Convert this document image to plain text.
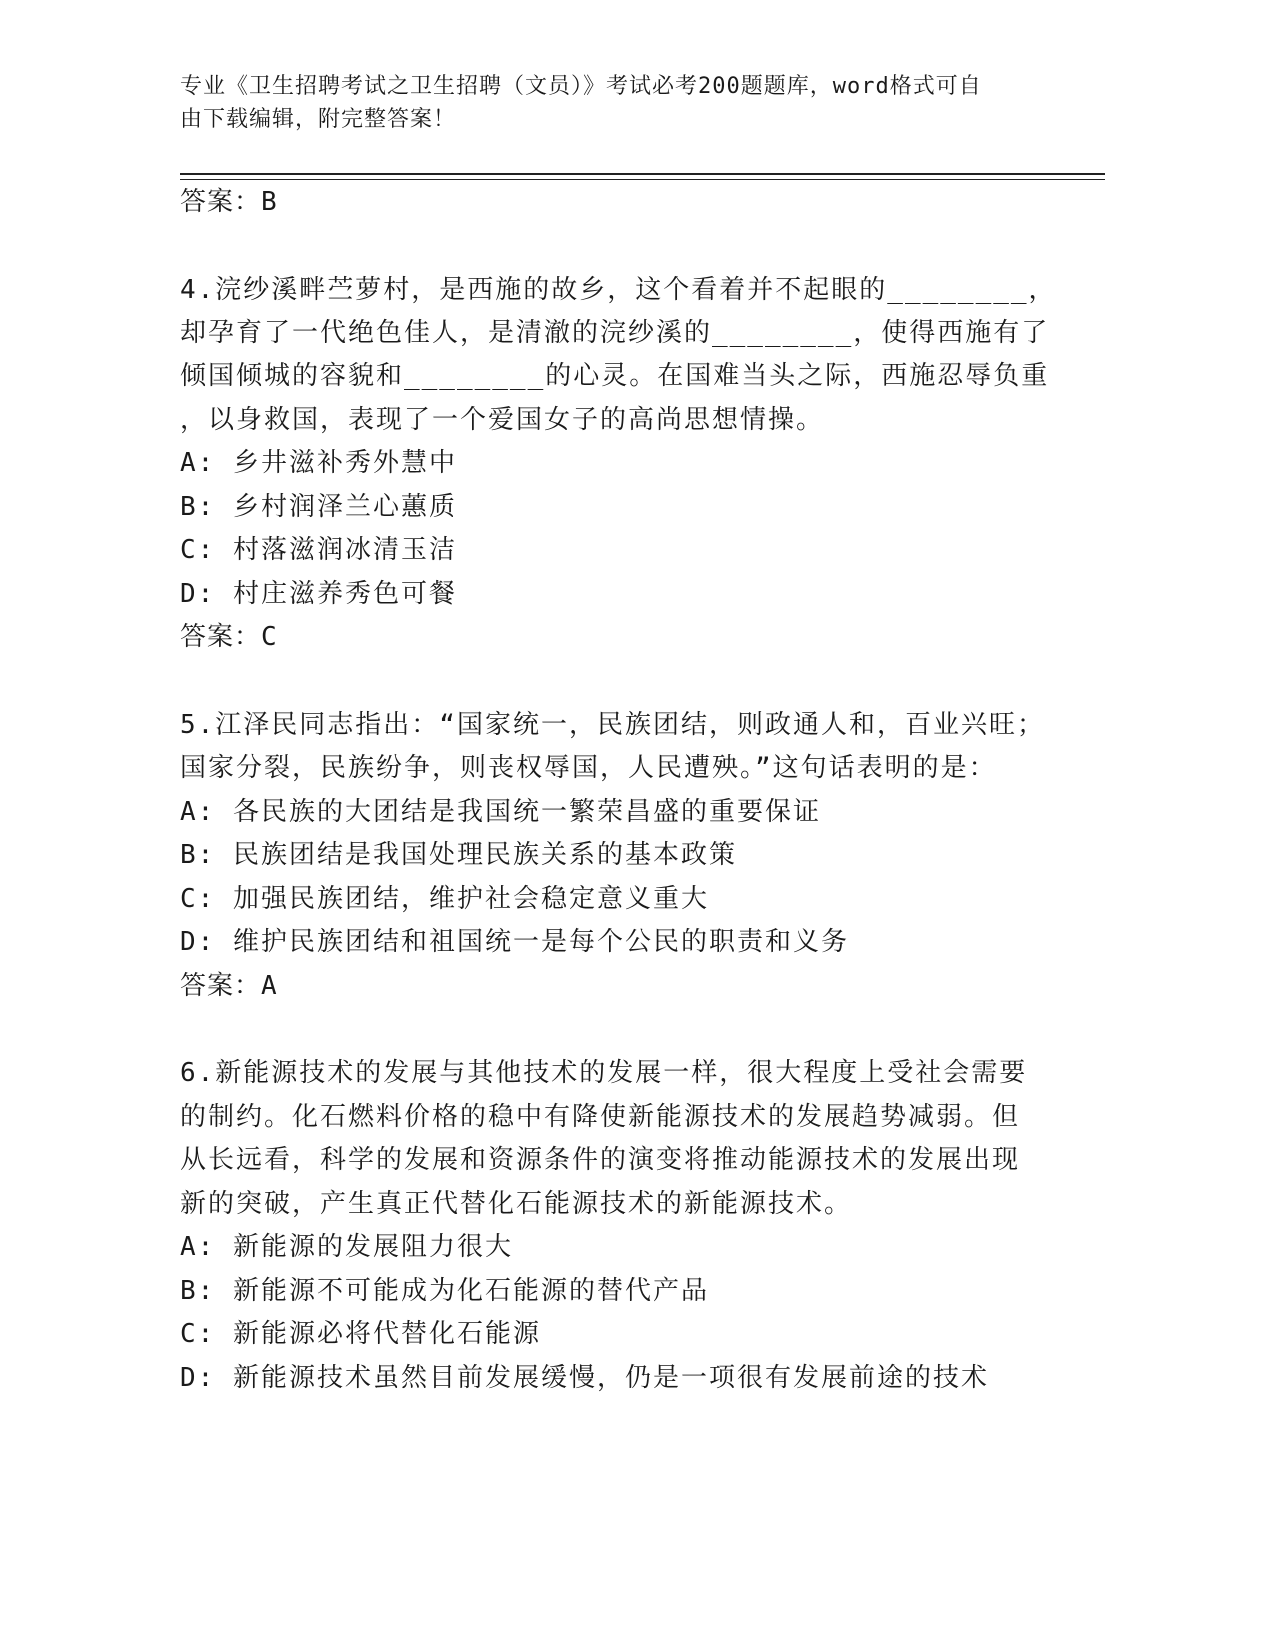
专业《卫生招聘考试之卫生招聘（文员）》考试必考200题题库，word格式可自
由下载编辑，附完整答案！
答案：B
4.浣纱溪畔苎萝村，是西施的故乡，这个看着并不起眼的________，
却孕育了一代绝色佳人，是清澈的浣纱溪的________，使得西施有了
倾国倾城的容貌和________的心灵。在国难当头之际，西施忍辱负重
，以身救国，表现了一个爱国女子的高尚思想情操。
A: 乡井滋补秀外慧中
B: 乡村润泽兰心蕙质
C: 村落滋润冰清玉洁
D: 村庄滋养秀色可餐
答案：C
5.江泽民同志指出：“国家统一，民族团结，则政通人和，百业兴旺；
国家分裂，民族纷争，则丧权辱国，人民遭殃。”这句话表明的是：
A: 各民族的大团结是我国统一繁荣昌盛的重要保证
B: 民族团结是我国处理民族关系的基本政策
C: 加强民族团结，维护社会稳定意义重大
D: 维护民族团结和祖国统一是每个公民的职责和义务
答案：A
6.新能源技术的发展与其他技术的发展一样，很大程度上受社会需要
的制约。化石燃料价格的稳中有降使新能源技术的发展趋势减弱。但
从长远看，科学的发展和资源条件的演变将推动能源技术的发展出现
新的突破，产生真正代替化石能源技术的新能源技术。
A: 新能源的发展阻力很大
B: 新能源不可能成为化石能源的替代产品
C: 新能源必将代替化石能源
D: 新能源技术虽然目前发展缓慢，仍是一项很有发展前途的技术
